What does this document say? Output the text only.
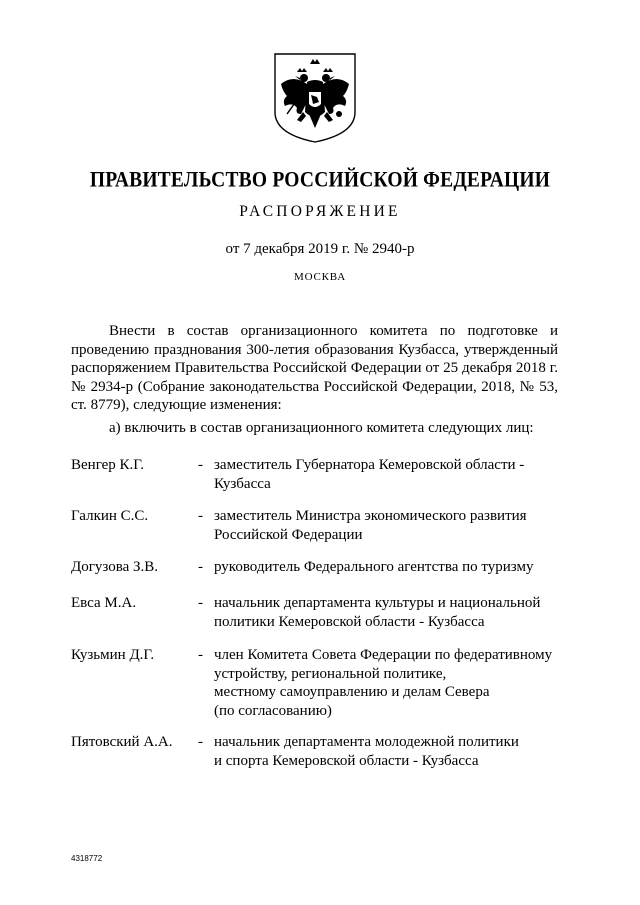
ПРАВИТЕЛЬСТВО РОССИЙСКОЙ ФЕДЕРАЦИИ
РАСПОРЯЖЕНИЕ
от 7 декабря 2019 г. № 2940-р
МОСКВА

Внести в состав организационного комитета по подготовке и проведению празднования 300-летия образования Кузбасса, утвержденный распоряжением Правительства Российской Федерации от 25 декабря 2018 г. № 2934-р (Собрание законодательства Российской Федерации, 2018, № 53, ст. 8779), следующие изменения:

а) включить в состав организационного комитета следующих лиц:

Венгер К.Г.	- заместитель Губернатора Кемеровской области -
Кузбасса
Галкин С.С.	- заместитель Министра экономического развития
Российской Федерации
Догузова З.В.	- руководитель Федерального агентства по туризму
Евса М.А.	- начальник департамента культуры и национальной
политики Кемеровской области - Кузбасса
Кузьмин Д.Г.	- член Комитета Совета Федерации по федеративному
устройству, региональной политике,
местному самоуправлению и делам Севера
(по согласованию)
Пятовский А.А. - начальник департамента молодежной политики
и спорта Кемеровской области - Кузбасса
4318772
